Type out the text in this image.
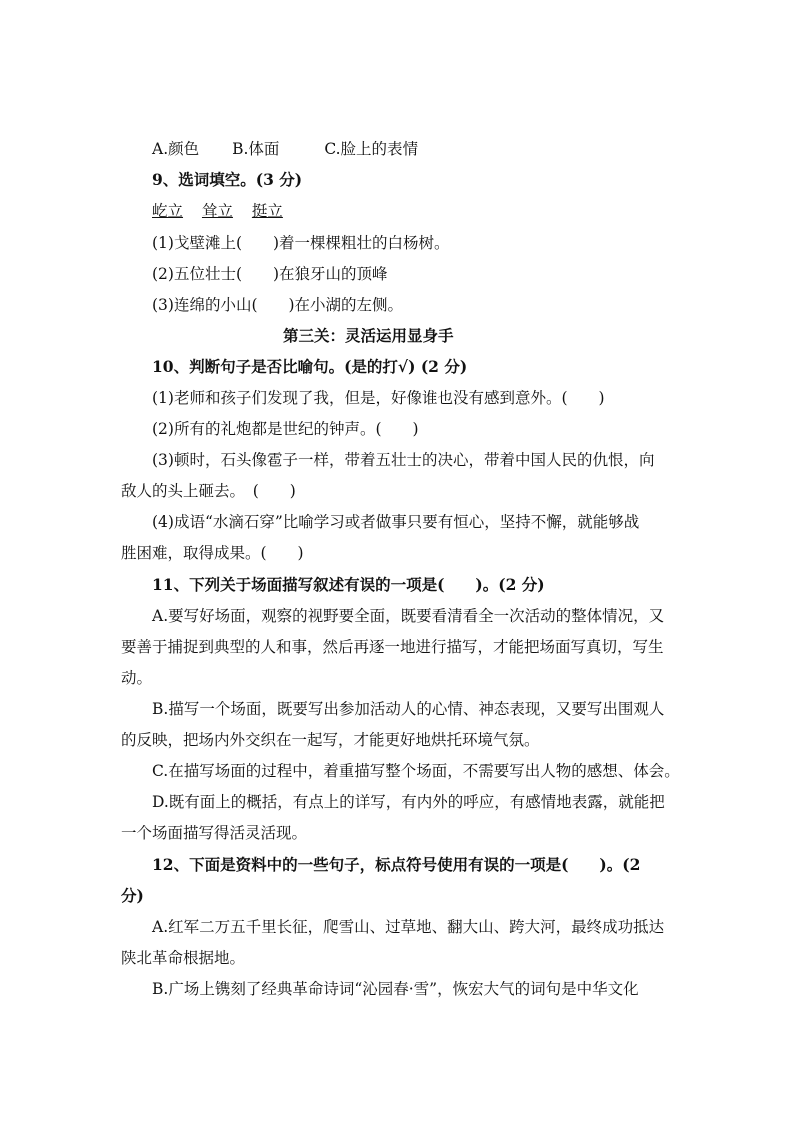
A.颜色 B.体面	C.脸上的表情
9、选词填空。(3 分)
屹立 耸立 挺立
(1)戈壁滩上(　　)着一棵棵粗壮的白杨树。
(2)五位壮士(　　)在狼牙山的顶峰
(3)连绵的小山(　　)在小湖的左侧。
第三关：灵活运用显身手
10、判断句子是否比喻句。(是的打√) (2 分)
(1)老师和孩子们发现了我，但是，好像谁也没有感到意外。(　　)
(2)所有的礼炮都是世纪的钟声。(　　)
(3)顿时，石头像雹子一样，带着五壮士的决心，带着中国人民的仇恨，向
敌人的头上砸去。　(　　)
(4)成语“水滴石穿”比喻学习或者做事只要有恒心，坚持不懈，就能够战
胜困难，取得成果。(　　)
11、下列关于场面描写叙述有误的一项是(　　)。(2 分)
A.要写好场面，观察的视野要全面，既要看清看全一次活动的整体情况，又
要善于捕捉到典型的人和事，然后再逐一地进行描写，才能把场面写真切，写生
动。
B.描写一个场面，既要写出参加活动人的心情、神态表现，又要写出围观人
的反映，把场内外交织在一起写，才能更好地烘托环境气氛。
C.在描写场面的过程中，着重描写整个场面，不需要写出人物的感想、体会。
D.既有面上的概括，有点上的详写，有内外的呼应，有感情地表露，就能把
一个场面描写得活灵活现。
12、下面是资料中的一些句子，标点符号使用有误的一项是(　　)。(2
分)
A.红军二万五千里长征，爬雪山、过草地、翻大山、跨大河，最终成功抵达
陕北革命根据地。
B.广场上镌刻了经典革命诗词“沁园春·雪”，恢宏大气的词句是中华文化
